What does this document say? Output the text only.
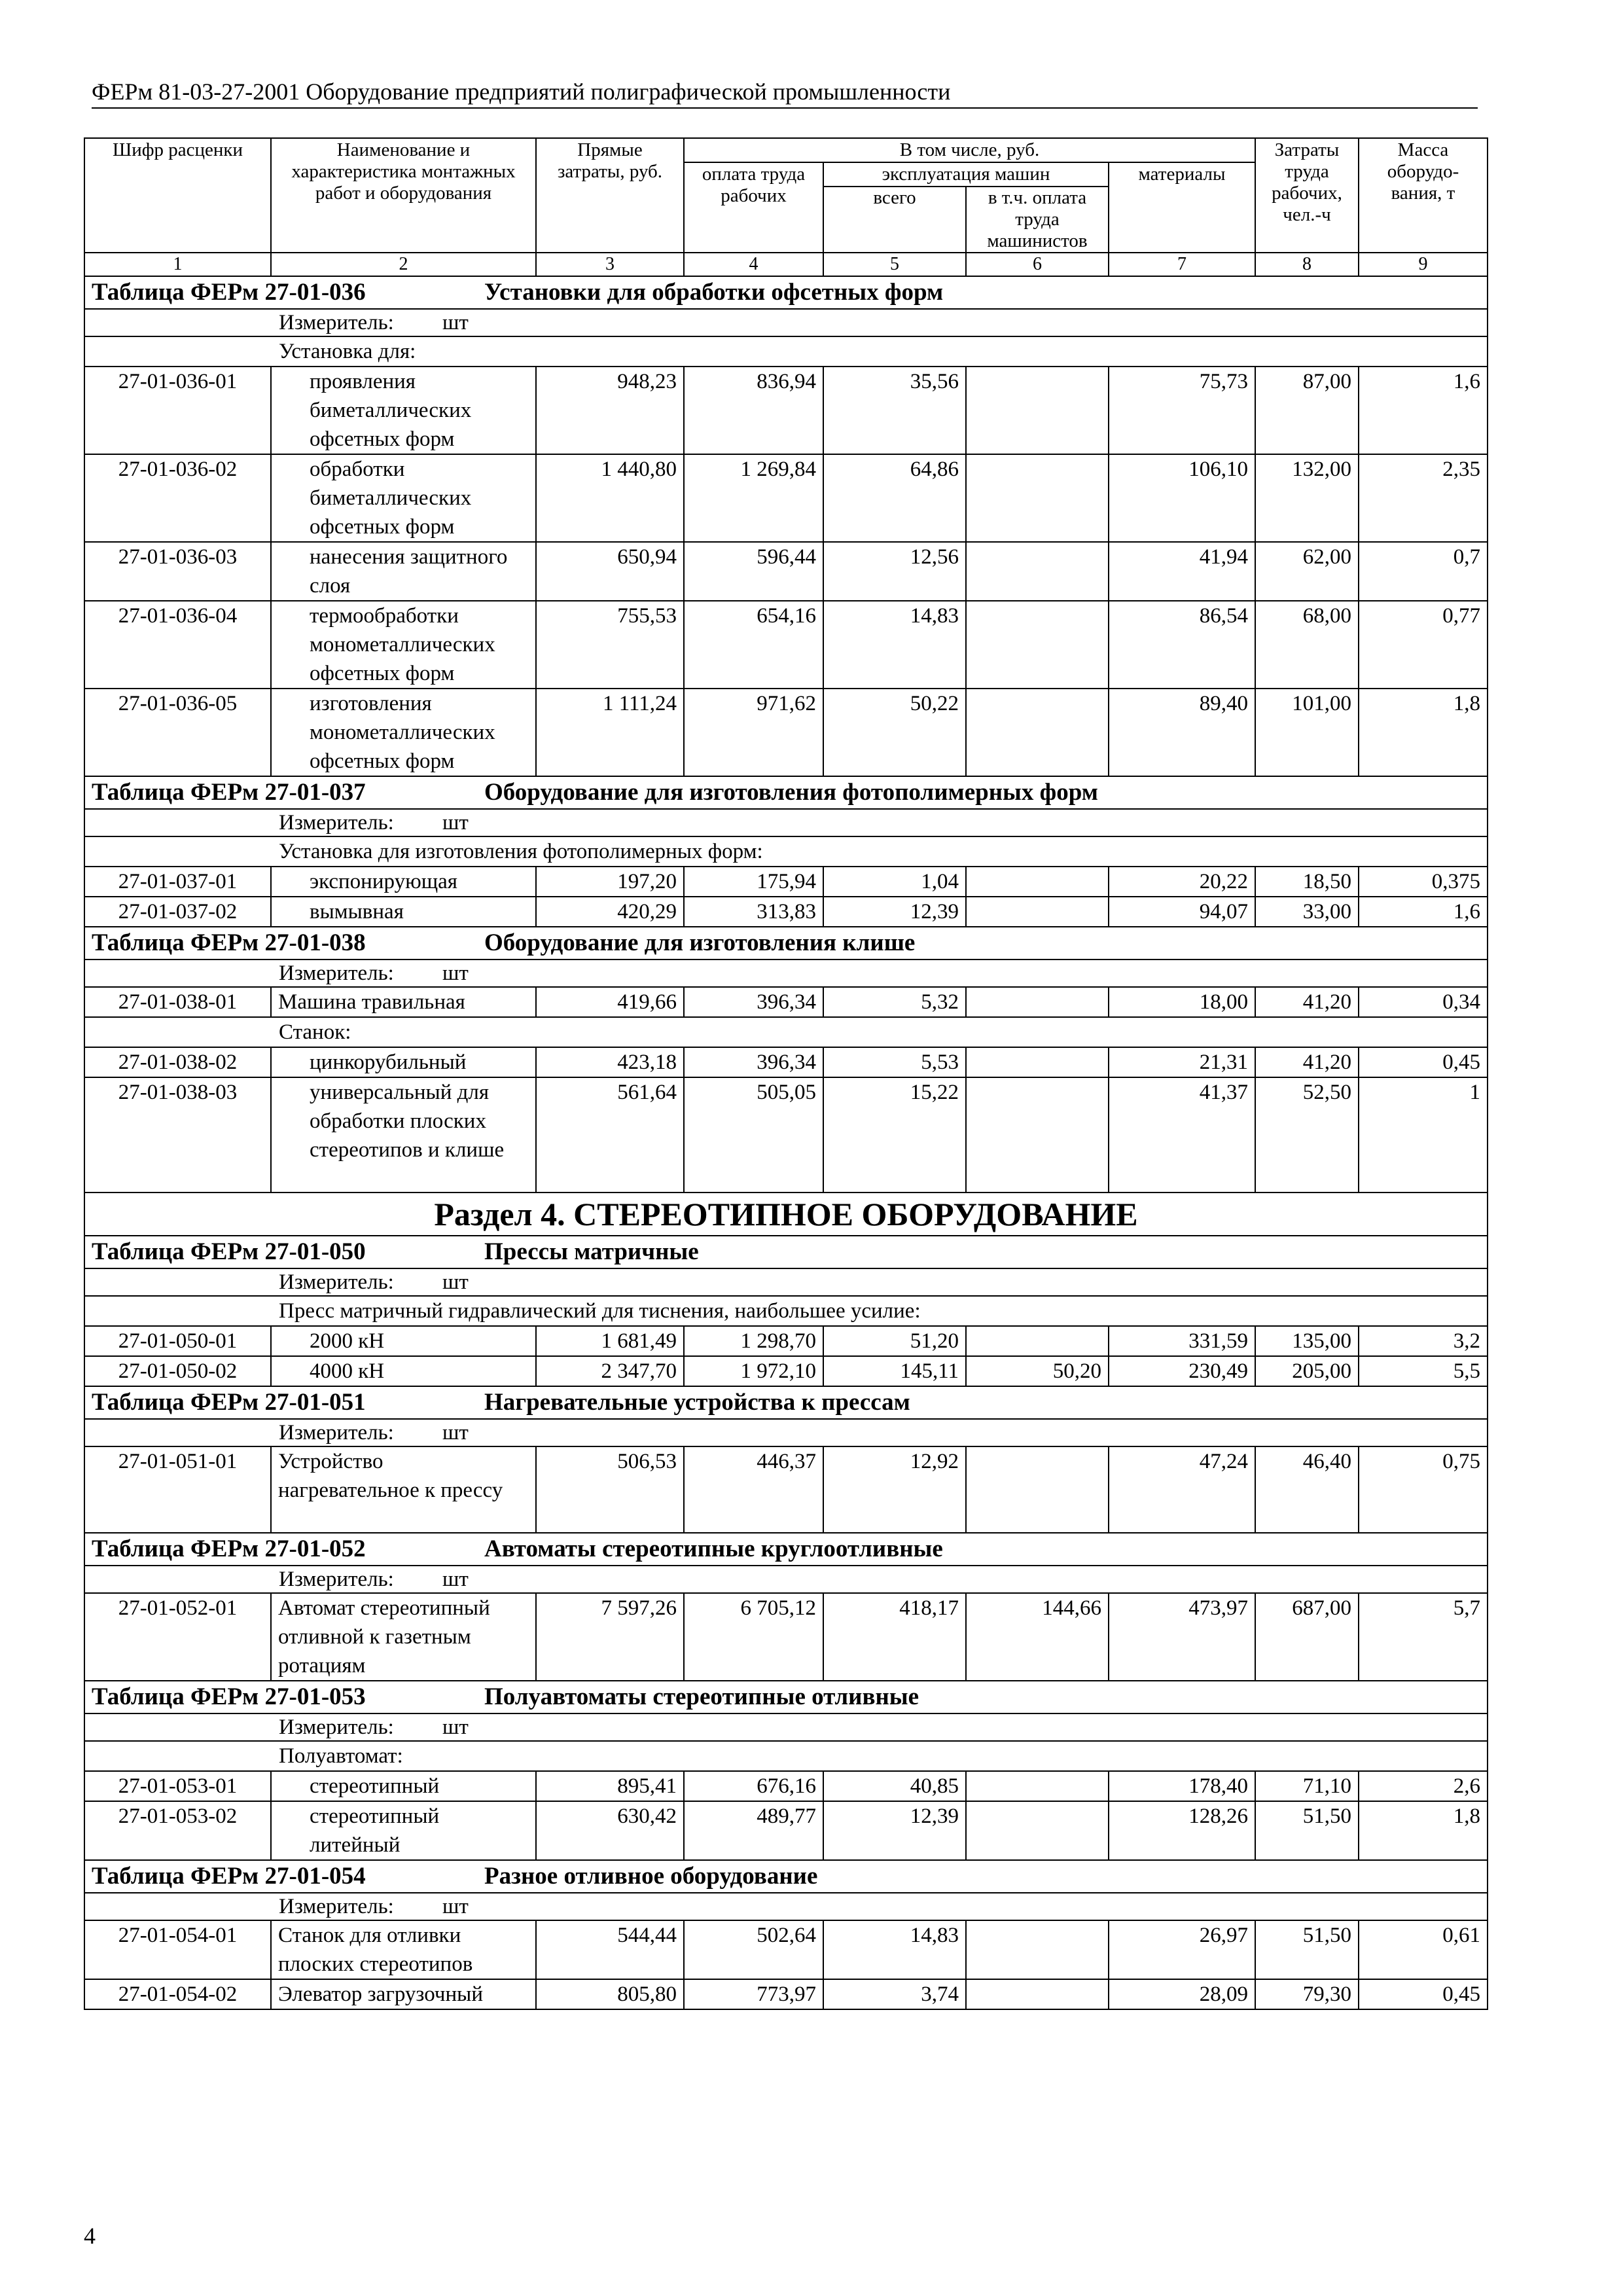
ФЕРм 81-03-27-2001 Оборудование предприятий полиграфической промышленности
Шифр расценки	Наименование и характеристика монтажных работ и оборудования	Прямые затраты, руб.	В том числе, руб.				Затраты труда рабочих, чел.-ч	Масса оборудо-вания, т
			оплата труда рабочих	эксплуатация машин		материалы		
				всего	в т.ч. оплата труда машинистов			
1	2	3	4	5	6	7	8	9
Таблица ФЕРм 27-01-036 Установки для обработки офсетных форм								
Измеритель: шт								
Установка для:								
27-01-036-01	проявления биметаллических офсетных форм	948,23	836,94	35,56		75,73	87,00	1,6
27-01-036-02	обработки биметаллических офсетных форм	1 440,80	1 269,84	64,86		106,10	132,00	2,35
27-01-036-03	нанесения защитного слоя	650,94	596,44	12,56		41,94	62,00	0,7
27-01-036-04	термообработки монометаллических офсетных форм	755,53	654,16	14,83		86,54	68,00	0,77
27-01-036-05	изготовления монометаллических офсетных форм	1 111,24	971,62	50,22		89,40	101,00	1,8
Таблица ФЕРм 27-01-037 Оборудование для изготовления фотополимерных форм								
Измеритель: шт								
Установка для изготовления фотополимерных форм:								
27-01-037-01	экспонирующая	197,20	175,94	1,04		20,22	18,50	0,375
27-01-037-02	вымывная	420,29	313,83	12,39		94,07	33,00	1,6
Таблица ФЕРм 27-01-038 Оборудование для изготовления клише								
Измеритель: шт								
27-01-038-01	Машина травильная	419,66	396,34	5,32		18,00	41,20	0,34
Станок:								
27-01-038-02	цинкорубильный	423,18	396,34	5,53		21,31	41,20	0,45
27-01-038-03	универсальный для обработки плоских стереотипов и клише	561,64	505,05	15,22		41,37	52,50	1
Раздел 4. СТЕРЕОТИПНОЕ ОБОРУДОВАНИЕ								
Таблица ФЕРм 27-01-050 Прессы матричные								
Измеритель: шт								
Пресс матричный гидравлический для тиснения, наибольшее усилие:								
27-01-050-01	2000 кН	1 681,49	1 298,70	51,20		331,59	135,00	3,2
27-01-050-02	4000 кН	2 347,70	1 972,10	145,11	50,20	230,49	205,00	5,5
Таблица ФЕРм 27-01-051 Нагревательные устройства к прессам								
Измеритель: шт								
27-01-051-01	Устройство нагревательное к прессу	506,53	446,37	12,92		47,24	46,40	0,75
Таблица ФЕРм 27-01-052 Автоматы стереотипные круглоотливные								
Измеритель: шт								
27-01-052-01	Автомат стереотипный отливной к газетным ротациям	7 597,26	6 705,12	418,17	144,66	473,97	687,00	5,7
Таблица ФЕРм 27-01-053 Полуавтоматы стереотипные отливные								
Измеритель: шт								
Полуавтомат:								
27-01-053-01	стереотипный	895,41	676,16	40,85		178,40	71,10	2,6
27-01-053-02	стереотипный литейный	630,42	489,77	12,39		128,26	51,50	1,8
Таблица ФЕРм 27-01-054 Разное отливное оборудование								
Измеритель: шт								
27-01-054-01	Станок для отливки плоских стереотипов	544,44	502,64	14,83		26,97	51,50	0,61
27-01-054-02	Элеватор загрузочный	805,80	773,97	3,74		28,09	79,30	0,45
4
